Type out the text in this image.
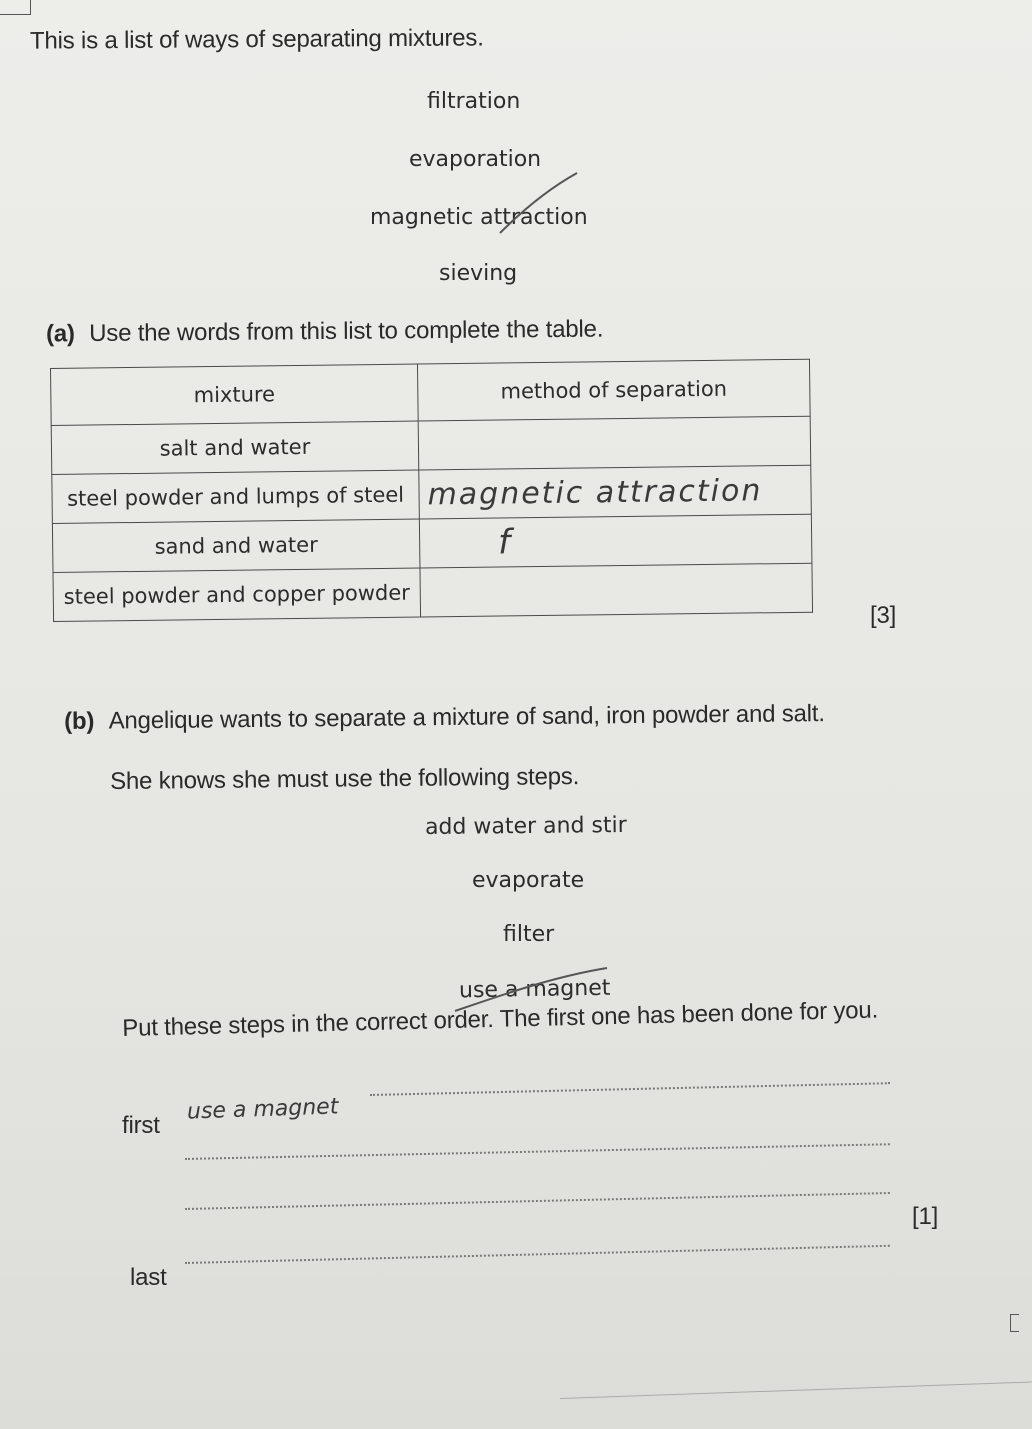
This is a list of ways of separating mixtures.
filtration
evaporation
magnetic attraction
sieving
(a) Use the words from this list to complete the table.
mixture	method of separation
salt and water	
steel powder and lumps of steel	magnetic attraction
sand and water	f
steel powder and copper powder	
[3]
(b) Angelique wants to separate a mixture of sand, iron powder and salt.
She knows she must use the following steps.
add water and stir
evaporate
filter
use a magnet
Put these steps in the correct order. The first one has been done for you.
first
use a magnet
[1]
last
